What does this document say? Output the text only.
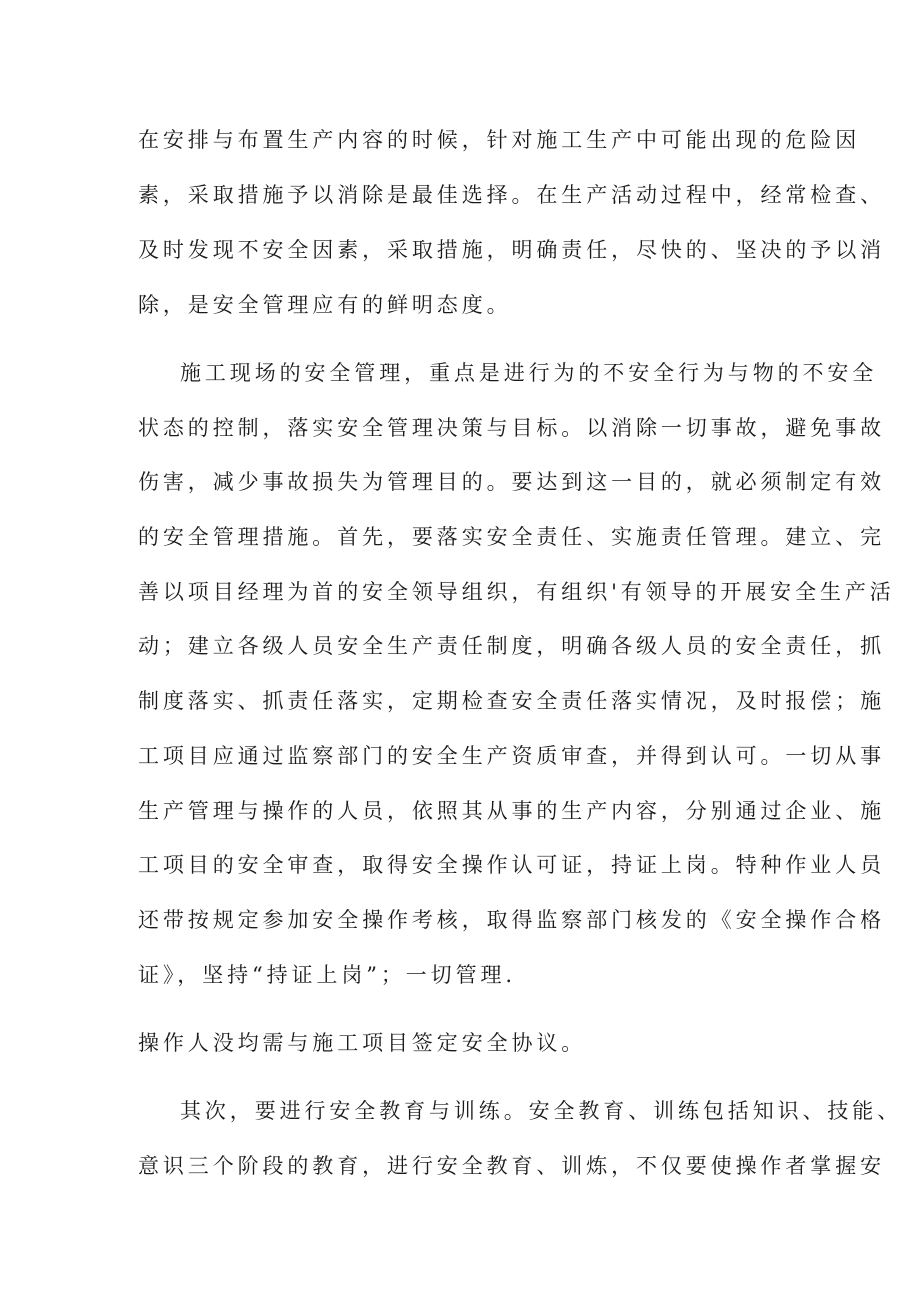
在安排与布置生产内容的时候，针对施工生产中可能出现的危险因
素，采取措施予以消除是最佳选择。在生产活动过程中，经常检查、
及时发现不安全因素，采取措施，明确责任，尽快的、坚决的予以消
除，是安全管理应有的鲜明态度。
施工现场的安全管理，重点是进行为的不安全行为与物的不安全
状态的控制，落实安全管理决策与目标。以消除一切事故，避免事故
伤害，减少事故损失为管理目的。要达到这一目的，就必须制定有效
的安全管理措施。首先，要落实安全责任、实施责任管理。建立、完
善以项目经理为首的安全领导组织，有组织'有领导的开展安全生产活
动；建立各级人员安全生产责任制度，明确各级人员的安全责任，抓
制度落实、抓责任落实，定期检查安全责任落实情况，及时报偿；施
工项目应通过监察部门的安全生产资质审查，并得到认可。一切从事
生产管理与操作的人员，依照其从事的生产内容，分别通过企业、施
工项目的安全审查，取得安全操作认可证，持证上岗。特种作业人员
还带按规定参加安全操作考核，取得监察部门核发的《安全操作合格
证》，坚持“持证上岗”；一切管理.
操作人没均需与施工项目签定安全协议。
其次，要进行安全教育与训练。安全教育、训练包括知识、技能、
意识三个阶段的教育，进行安全教育、训炼，不仅要使操作者掌握安
